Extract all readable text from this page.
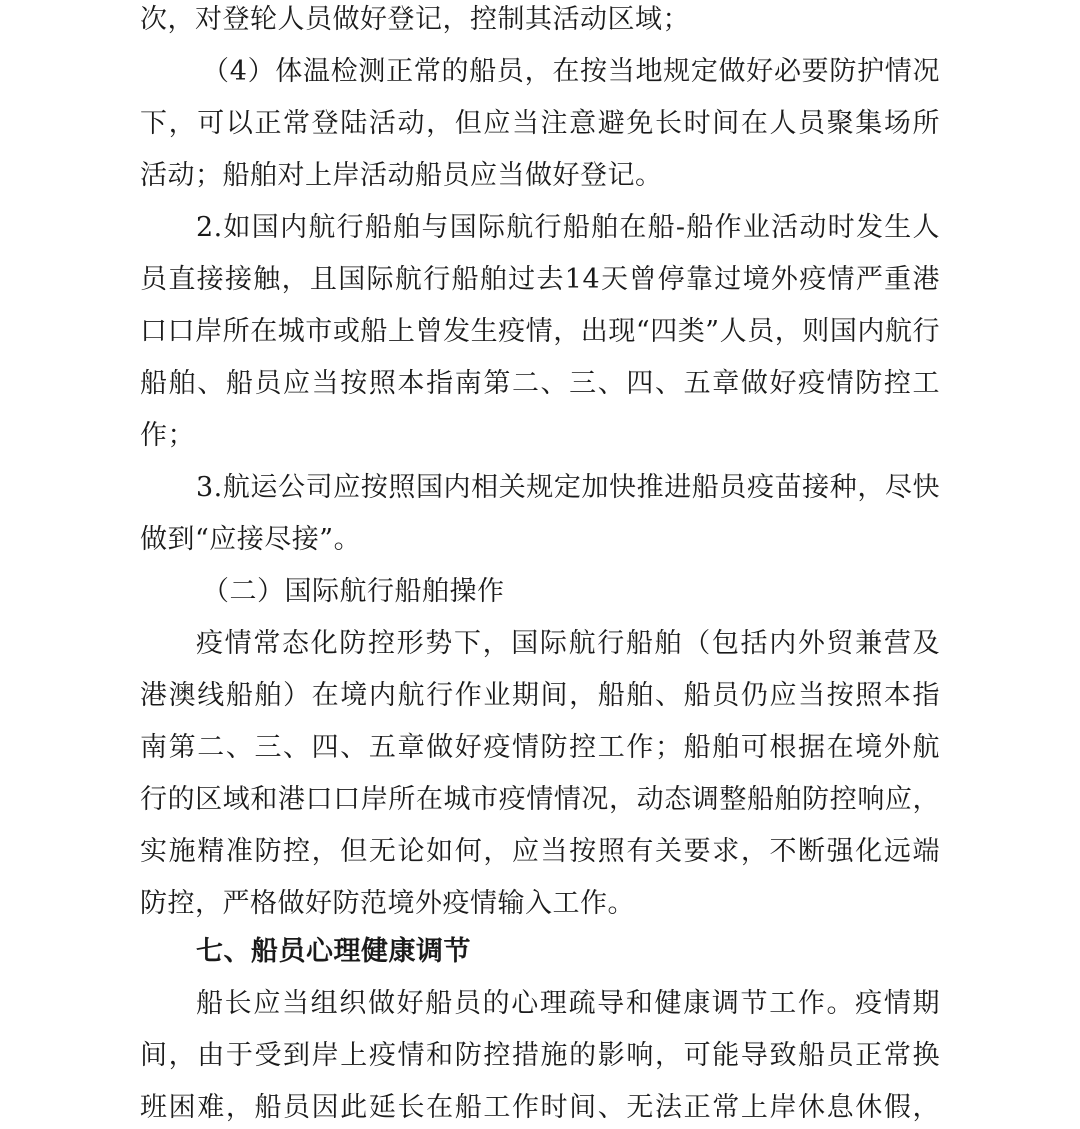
次，对登轮人员做好登记，控制其活动区域；
（4）体温检测正常的船员，在按当地规定做好必要防护情况
下，可以正常登陆活动，但应当注意避免长时间在人员聚集场所
活动；船舶对上岸活动船员应当做好登记。
2.如国内航行船舶与国际航行船舶在船-船作业活动时发生人
员直接接触，且国际航行船舶过去14天曾停靠过境外疫情严重港
口口岸所在城市或船上曾发生疫情，出现“四类”人员，则国内航行
船舶、船员应当按照本指南第二、三、四、五章做好疫情防控工
作；
3.航运公司应按照国内相关规定加快推进船员疫苗接种，尽快
做到“应接尽接”。
（二）国际航行船舶操作
疫情常态化防控形势下，国际航行船舶（包括内外贸兼营及
港澳线船舶）在境内航行作业期间，船舶、船员仍应当按照本指
南第二、三、四、五章做好疫情防控工作；船舶可根据在境外航
行的区域和港口口岸所在城市疫情情况，动态调整船舶防控响应，
实施精准防控，但无论如何，应当按照有关要求，不断强化远端
防控，严格做好防范境外疫情输入工作。
七、船员心理健康调节
船长应当组织做好船员的心理疏导和健康调节工作。疫情期
间，由于受到岸上疫情和防控措施的影响，可能导致船员正常换
班困难，船员因此延长在船工作时间、无法正常上岸休息休假，
